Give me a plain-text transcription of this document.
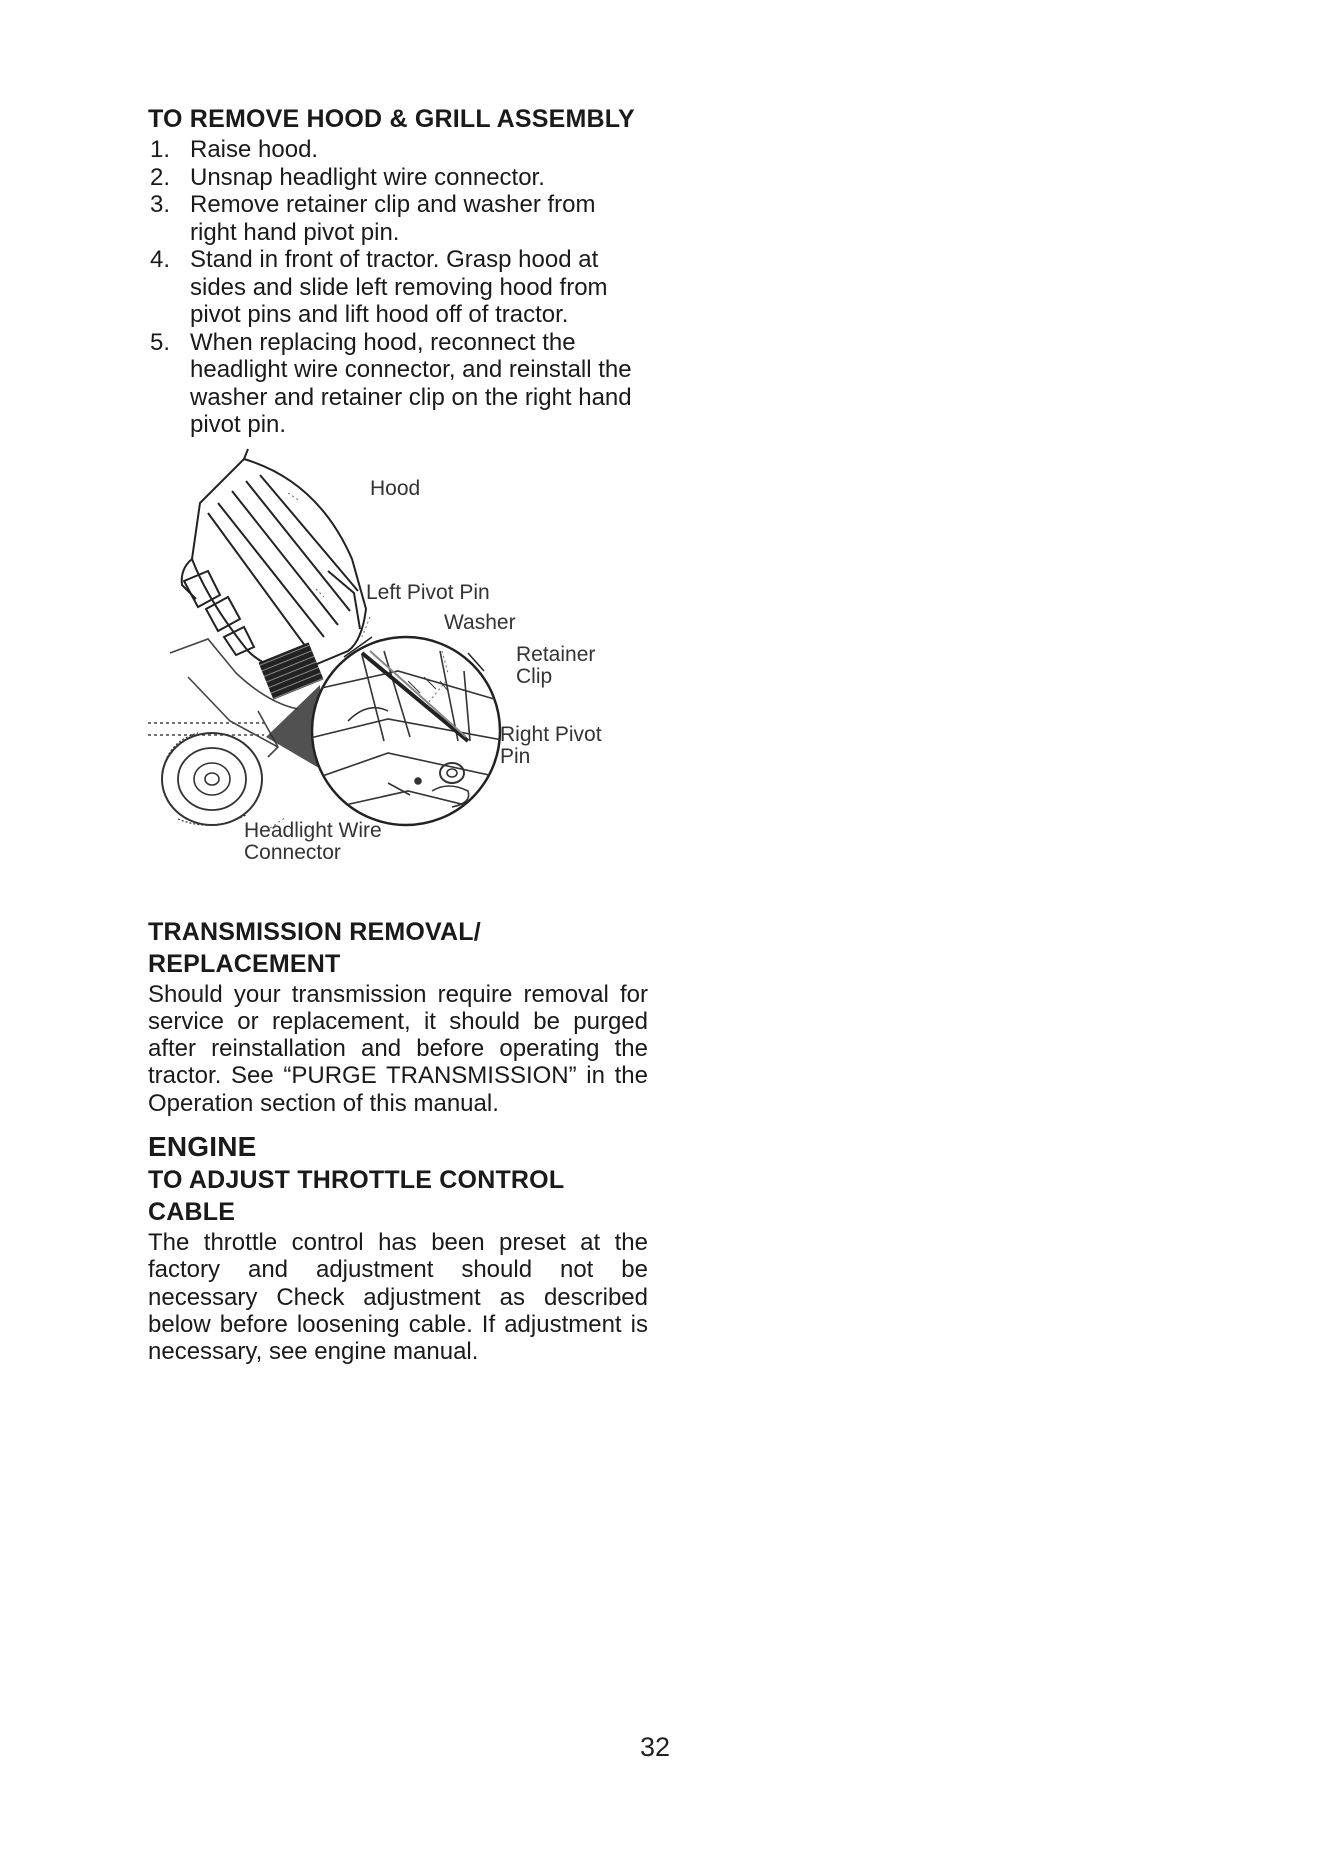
TO REMOVE HOOD & GRILL ASSEMBLY
1. Raise hood.
2. Unsnap headlight wire connector.
3. Remove retainer clip and washer from right hand pivot pin.
4. Stand in front of tractor. Grasp hood at sides and slide left removing hood from pivot pins and lift hood off of tractor.
5. When replacing hood, reconnect the headlight wire connector, and reinstall the washer and retainer clip on the right hand pivot pin.
Hood
Left Pivot Pin
Washer
Retainer
Clip
Right Pivot
Pin
Headlight Wire
Connector
TRANSMISSION REMOVAL/
REPLACEMENT

Should your transmission require removal for service or replacement, it should be purged after reinstallation and before operating the tractor. See “PURGE TRANSMISSION” in the Operation section of this manual.

ENGINE
TO ADJUST THROTTLE CONTROL
CABLE

The throttle control has been preset at the factory and adjustment should not be necessary Check adjustment as described below before loosening cable. If adjustment is necessary, see engine manual.

32
